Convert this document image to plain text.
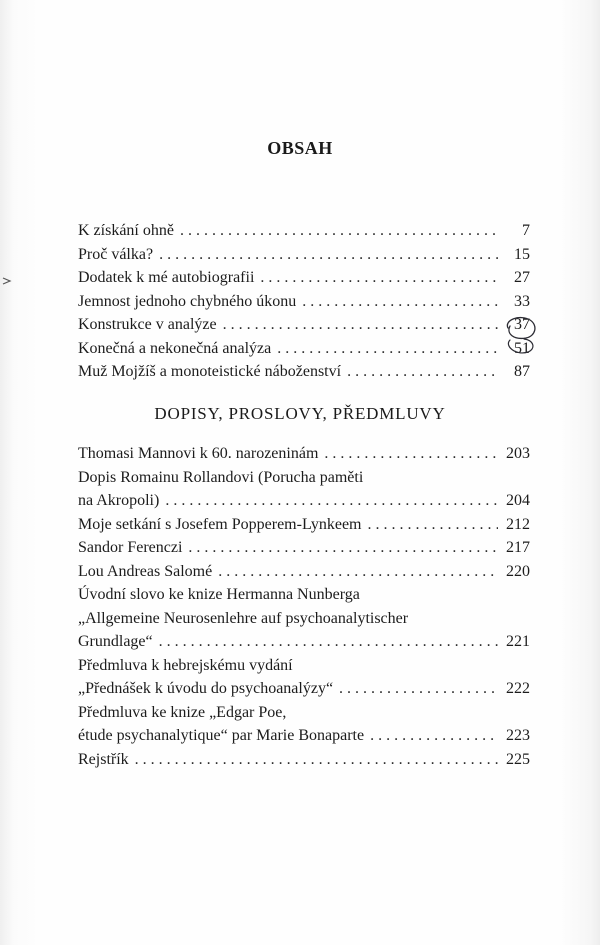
OBSAH
K získání ohně . . .	7
Proč válka? . . .	15
Dodatek k mé autobiografii . . .	27
Jemnost jednoho chybného úkonu . . .	33
Konstrukce v analýze . . .	37
Konečná a nekonečná analýza . . .	51
Muž Mojžíš a monoteistické náboženství . . .	87
DOPISY, PROSLOVY, PŘEDMLUVY
Thomasi Mannovi k 60. narozeninám . . .	203
Dopis Romainu Rollandovi (Porucha paměti
na Akropoli) . . .	204
Moje setkání s Josefem Popperem-Lynkeem . . .	212
Sandor Ferenczi . . .	217
Lou Andreas Salomé . . .	220
Úvodní slovo ke knize Hermanna Nunberga
„Allgemeine Neurosenlehre auf psychoanalytischer
Grundlage“ . . .	221
Předmluva k hebrejskému vydání
„Přednášek k úvodu do psychoanalýzy“ . . .	222
Předmluva ke knize „Edgar Poe,
étude psychanalytique“ par Marie Bonaparte . . .	223
Rejstřík . . .	225
